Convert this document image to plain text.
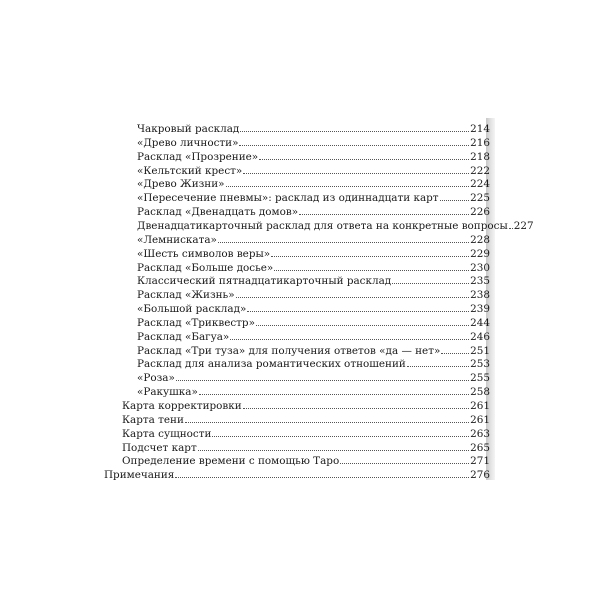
Чакровый расклад	214
«Древо личности»	216
Расклад «Прозрение»	218
«Кельтский крест»	222
«Древо Жизни»	224
«Пересечение пневмы»: расклад из одиннадцати карт	225
Расклад «Двенадцать домов»	226
Двенадцатикарточный расклад для ответа на конкретные вопросы 227
«Лемниската»	228
«Шесть символов веры»	229
Расклад «Больше досье»	230
Классический пятнадцатикарточный расклад	235
Расклад «Жизнь»	238
«Большой расклад»	239
Расклад «Триквестр»	244
Расклад «Багуа»	246
Расклад «Три туза» для получения ответов «да — нет»	251
Расклад для анализа романтических отношений	253
«Роза»	255
«Ракушка»	258
Карта корректировки	261
Карта тени	261
Карта сущности	263
Подсчет карт	265
Определение времени с помощью Таро	271
Примечания	276
